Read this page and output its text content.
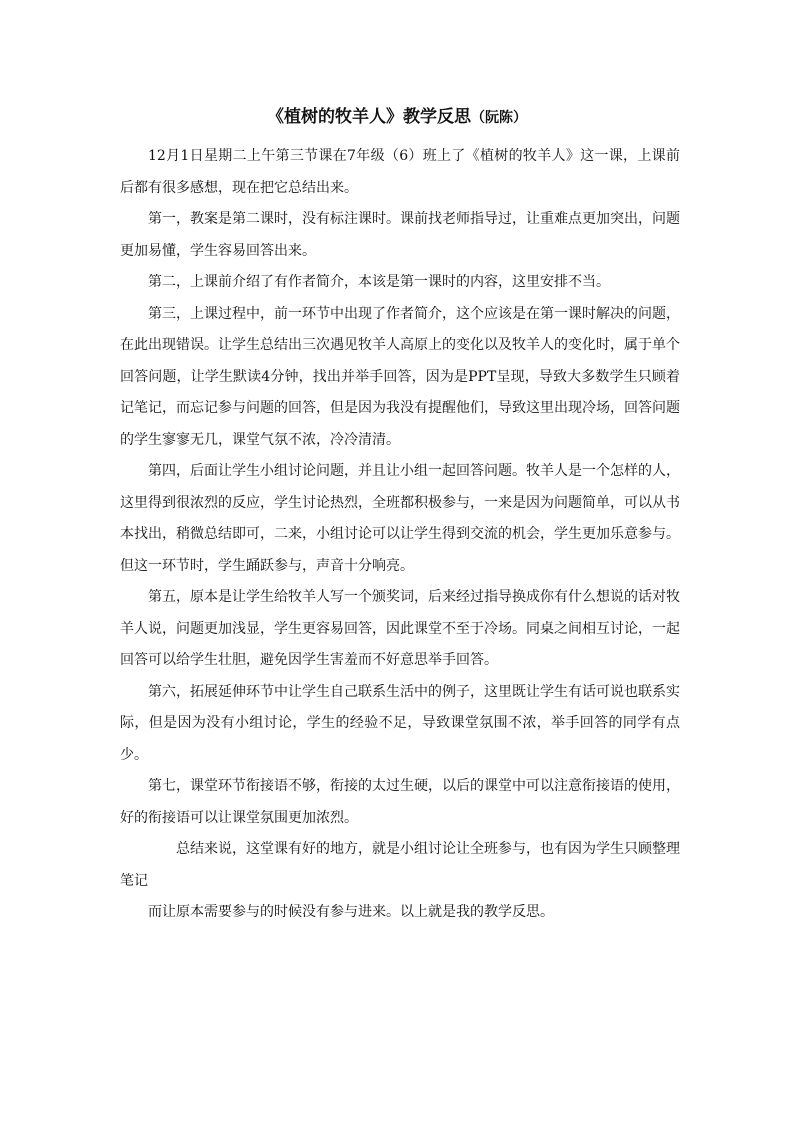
《植树的牧羊人》教学反思（阮陈）

12月1日星期二上午第三节课在7年级（6）班上了《植树的牧羊人》这一课，上课前后都有很多感想，现在把它总结出来。

第一，教案是第二课时，没有标注课时。课前找老师指导过，让重难点更加突出，问题更加易懂，学生容易回答出来。

第二，上课前介绍了有作者简介，本该是第一课时的内容，这里安排不当。

第三，上课过程中，前一环节中出现了作者简介，这个应该是在第一课时解决的问题，在此出现错误。让学生总结出三次遇见牧羊人高原上的变化以及牧羊人的变化时，属于单个回答问题，让学生默读4分钟，找出并举手回答，因为是PPT呈现，导致大多数学生只顾着记笔记，而忘记参与问题的回答，但是因为我没有提醒他们，导致这里出现冷场，回答问题的学生寥寥无几，课堂气氛不浓，冷冷清清。

第四，后面让学生小组讨论问题，并且让小组一起回答问题。牧羊人是一个怎样的人，这里得到很浓烈的反应，学生讨论热烈，全班都积极参与，一来是因为问题简单，可以从书本找出，稍微总结即可，二来，小组讨论可以让学生得到交流的机会，学生更加乐意参与。但这一环节时，学生踊跃参与，声音十分响亮。

第五，原本是让学生给牧羊人写一个颁奖词，后来经过指导换成你有什么想说的话对牧羊人说，问题更加浅显，学生更容易回答，因此课堂不至于冷场。同桌之间相互讨论，一起回答可以给学生壮胆，避免因学生害羞而不好意思举手回答。

第六，拓展延伸环节中让学生自己联系生活中的例子，这里既让学生有话可说也联系实际，但是因为没有小组讨论，学生的经验不足，导致课堂氛围不浓，举手回答的同学有点少。

第七，课堂环节衔接语不够，衔接的太过生硬，以后的课堂中可以注意衔接语的使用，好的衔接语可以让课堂氛围更加浓烈。

总结来说，这堂课有好的地方，就是小组讨论让全班参与，也有因为学生只顾整理笔记

而让原本需要参与的时候没有参与进来。以上就是我的教学反思。
